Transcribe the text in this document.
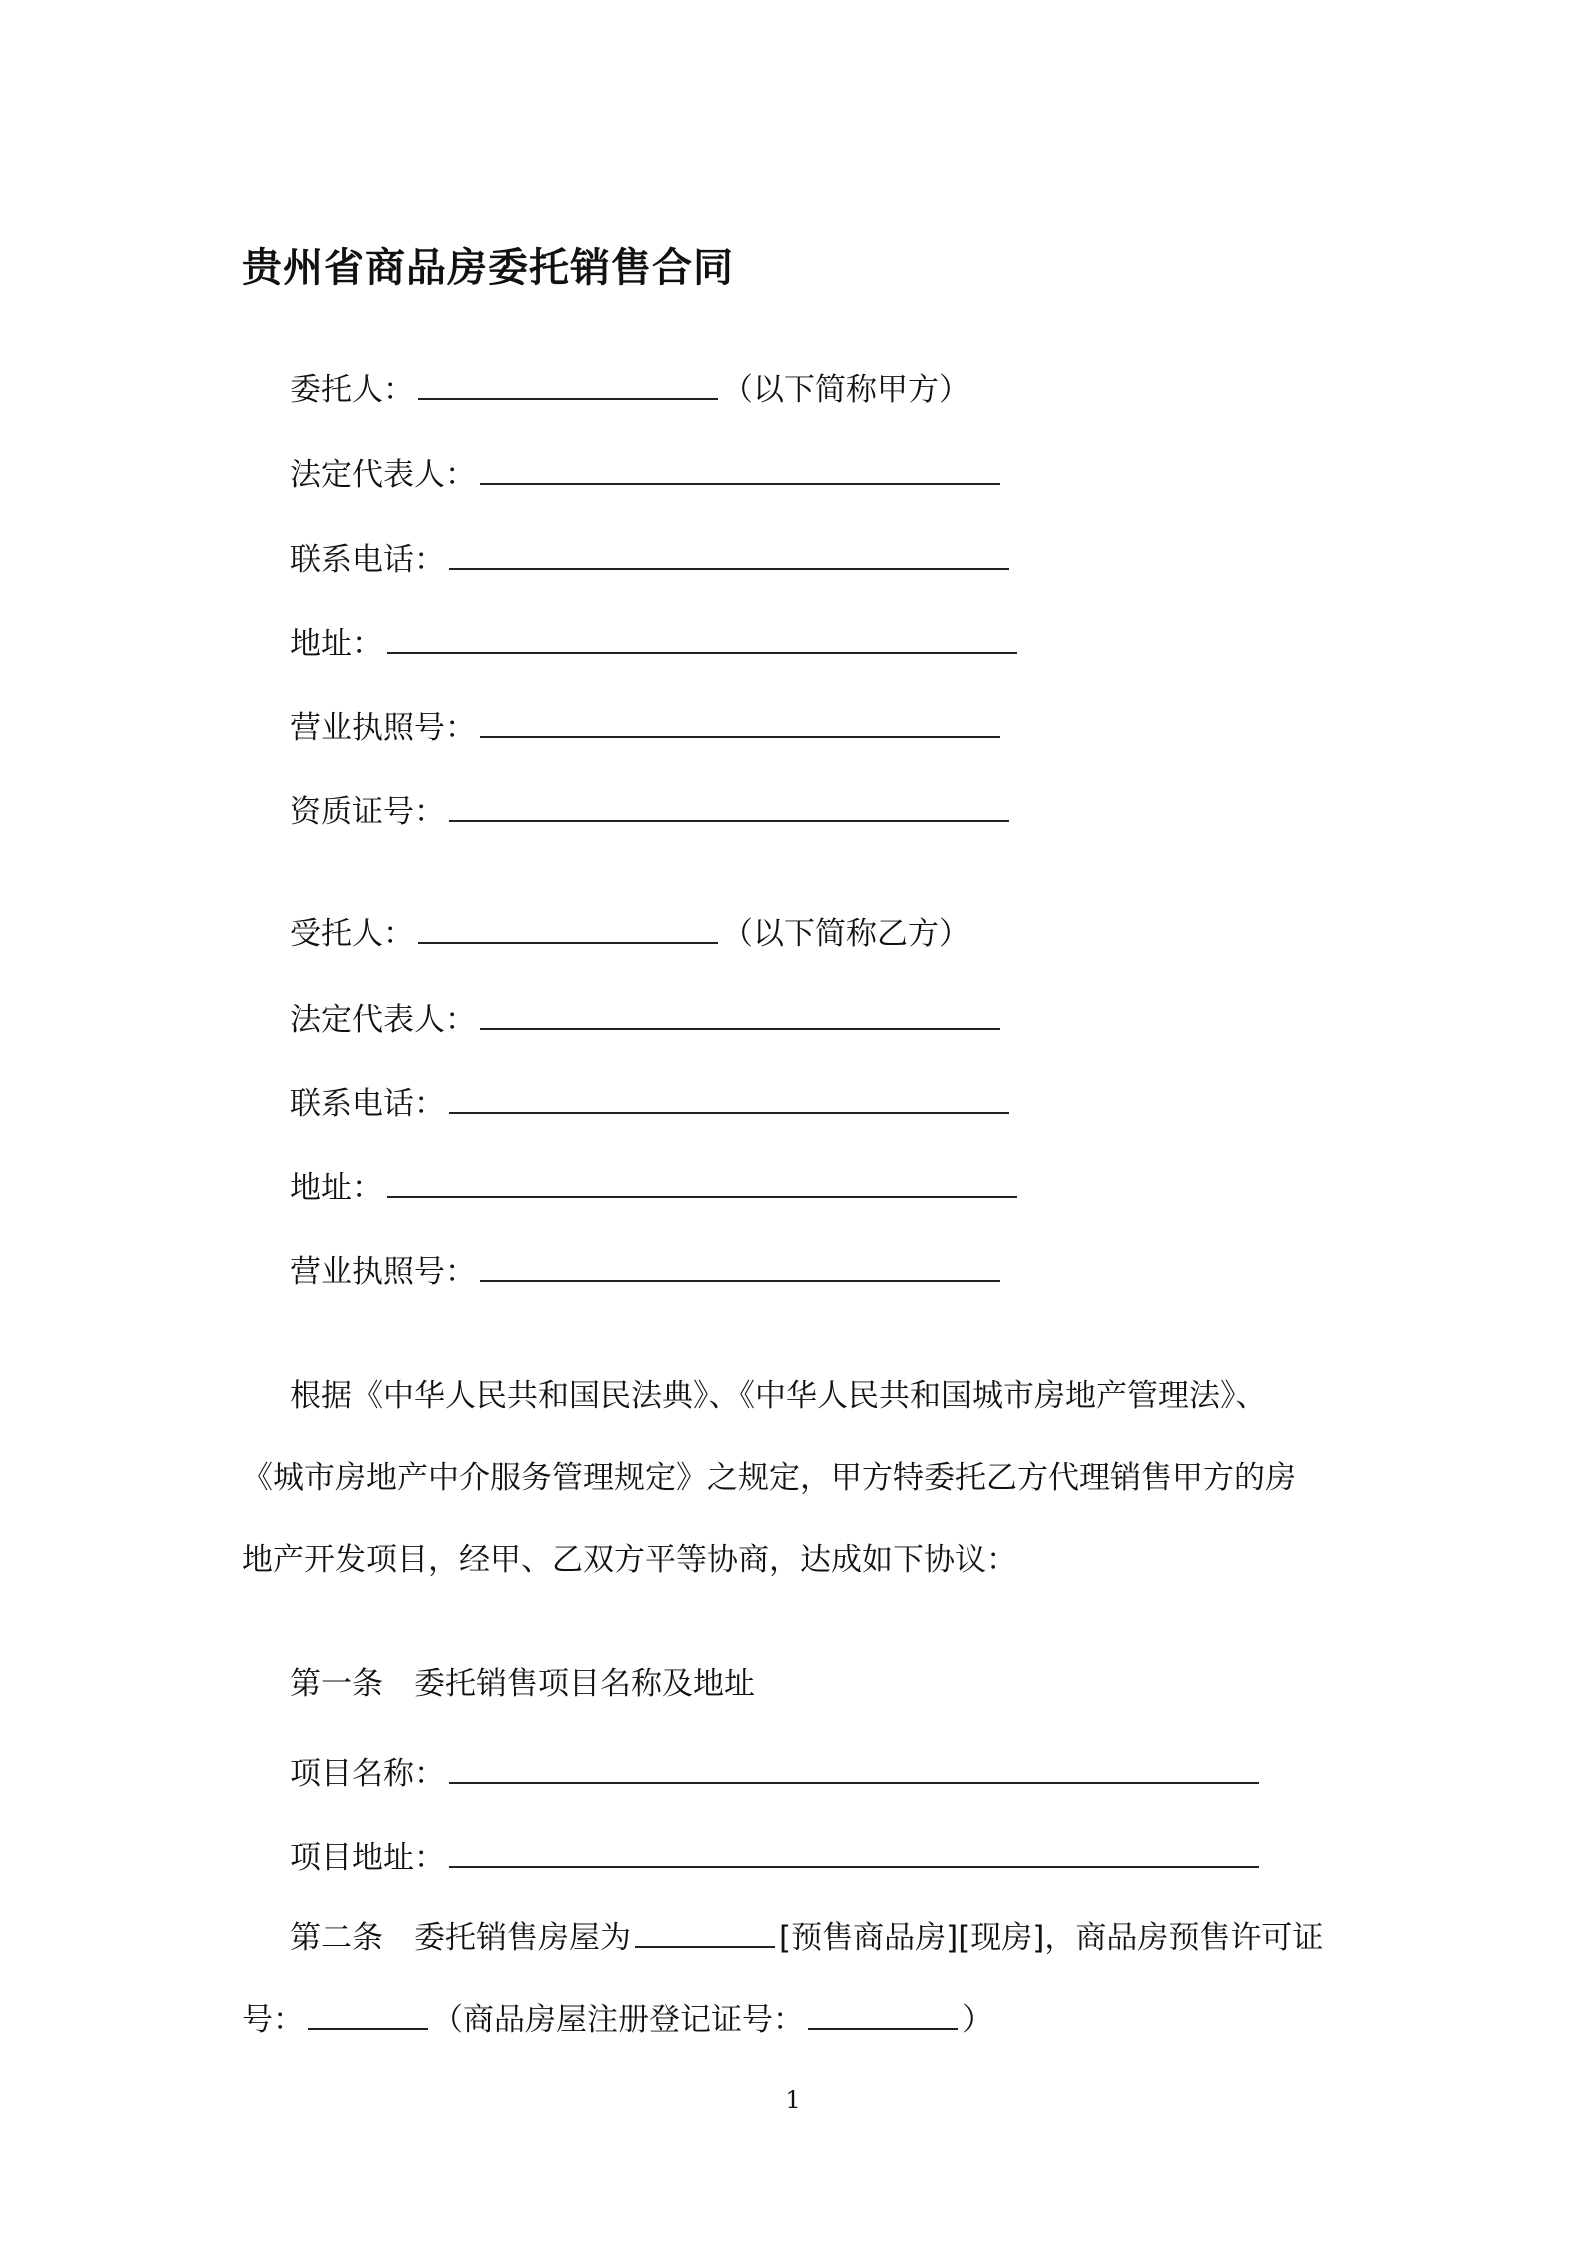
贵州省商品房委托销售合同
委托人：	（以下简称甲方）
法定代表人：
联系电话：
地址：
营业执照号：
资质证号：
受托人：	（以下简称乙方）
法定代表人：
联系电话：
地址：
营业执照号：
根据《中华人民共和国民法典》、《中华人民共和国城市房地产管理法》、
《城市房地产中介服务管理规定》之规定，甲方特委托乙方代理销售甲方的房
地产开发项目，经甲、乙双方平等协商，达成如下协议：
第一条　委托销售项目名称及地址
项目名称：
项目地址：
第二条　委托销售房屋为	[预售商品房][现房]，商品房预售许可证
号：	（商品房屋注册登记证号：	）
1
